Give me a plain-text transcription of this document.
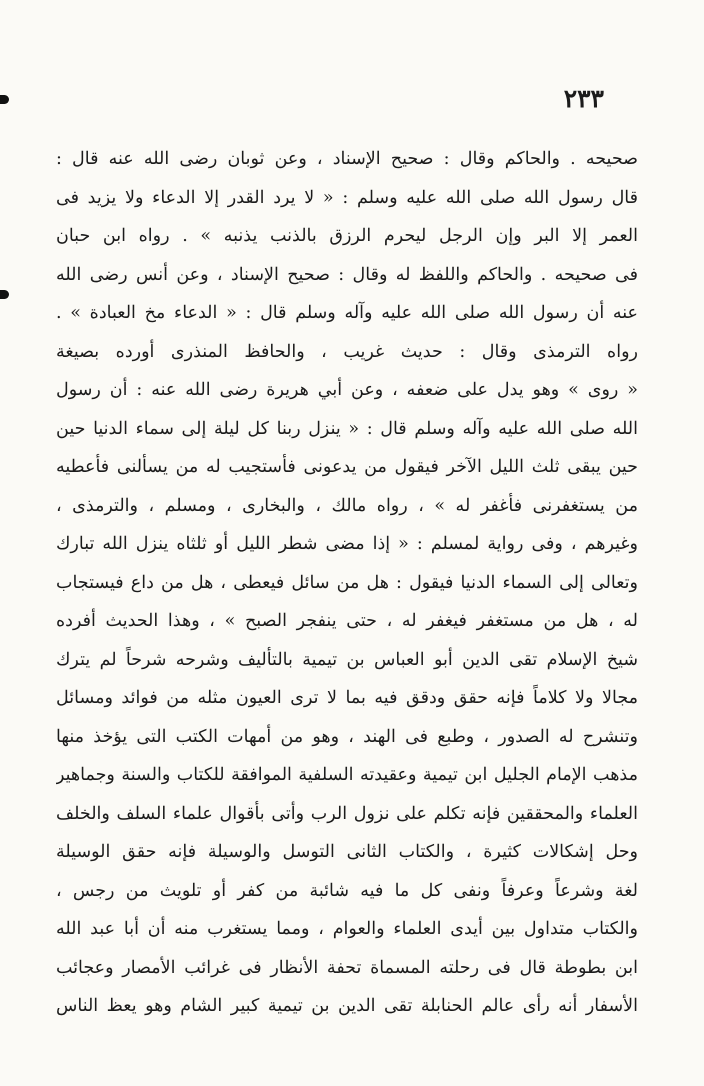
٢٣٣
صحيحه . والحاكم وقال : صحيح الإسناد ، وعن ثوبان رضى الله عنه قال :
قال رسول الله صلى الله عليه وسلم : « لا يرد القدر إلا الدعاء ولا يزيد فى
العمر إلا البر وإن الرجل ليحرم الرزق بالذنب يذنبه » . رواه ابن حبان
فى صحيحه . والحاكم واللفظ له وقال : صحيح الإسناد ، وعن أنس رضى الله
عنه أن رسول الله صلى الله عليه وآله وسلم قال : « الدعاء مخ العبادة » .
رواه الترمذى وقال : حديث غريب ، والحافظ المنذرى أورده بصيغة
« روى » وهو يدل على ضعفه ، وعن أبي هريرة رضى الله عنه : أن رسول
الله صلى الله عليه وآله وسلم قال : « ينزل ربنا كل ليلة إلى سماء الدنيا حين
حين يبقى ثلث الليل الآخر فيقول من يدعونى فأستجيب له من يسألنى فأعطيه
من يستغفرنى فأغفر له » ، رواه مالك ، والبخارى ، ومسلم ، والترمذى ،
وغيرهم ، وفى رواية لمسلم : « إذا مضى شطر الليل أو ثلثاه ينزل الله تبارك
وتعالى إلى السماء الدنيا فيقول : هل من سائل فيعطى ، هل من داع فيستجاب
له ، هل من مستغفر فيغفر له ، حتى ينفجر الصبح » ، وهذا الحديث أفرده
شيخ الإسلام تقى الدين أبو العباس بن تيمية بالتأليف وشرحه شرحاً لم يترك
مجالا ولا كلاماً فإنه حقق ودقق فيه بما لا ترى العيون مثله من فوائد ومسائل
وتنشرح له الصدور ، وطبع فى الهند ، وهو من أمهات الكتب التى يؤخذ منها
مذهب الإمام الجليل ابن تيمية وعقيدته السلفية الموافقة للكتاب والسنة وجماهير
العلماء والمحققين فإنه تكلم على نزول الرب وأتى بأقوال علماء السلف والخلف
وحل إشكالات كثيرة ، والكتاب الثانى التوسل والوسيلة فإنه حقق الوسيلة
لغة وشرعاً وعرفاً ونفى كل ما فيه شائبة من كفر أو تلويث من رجس ،
والكتاب متداول بين أيدى العلماء والعوام ، ومما يستغرب منه أن أبا عبد الله
ابن بطوطة قال فى رحلته المسماة تحفة الأنظار فى غرائب الأمصار وعجائب
الأسفار أنه رأى عالم الحنابلة تقى الدين بن تيمية كبير الشام وهو يعظ الناس
